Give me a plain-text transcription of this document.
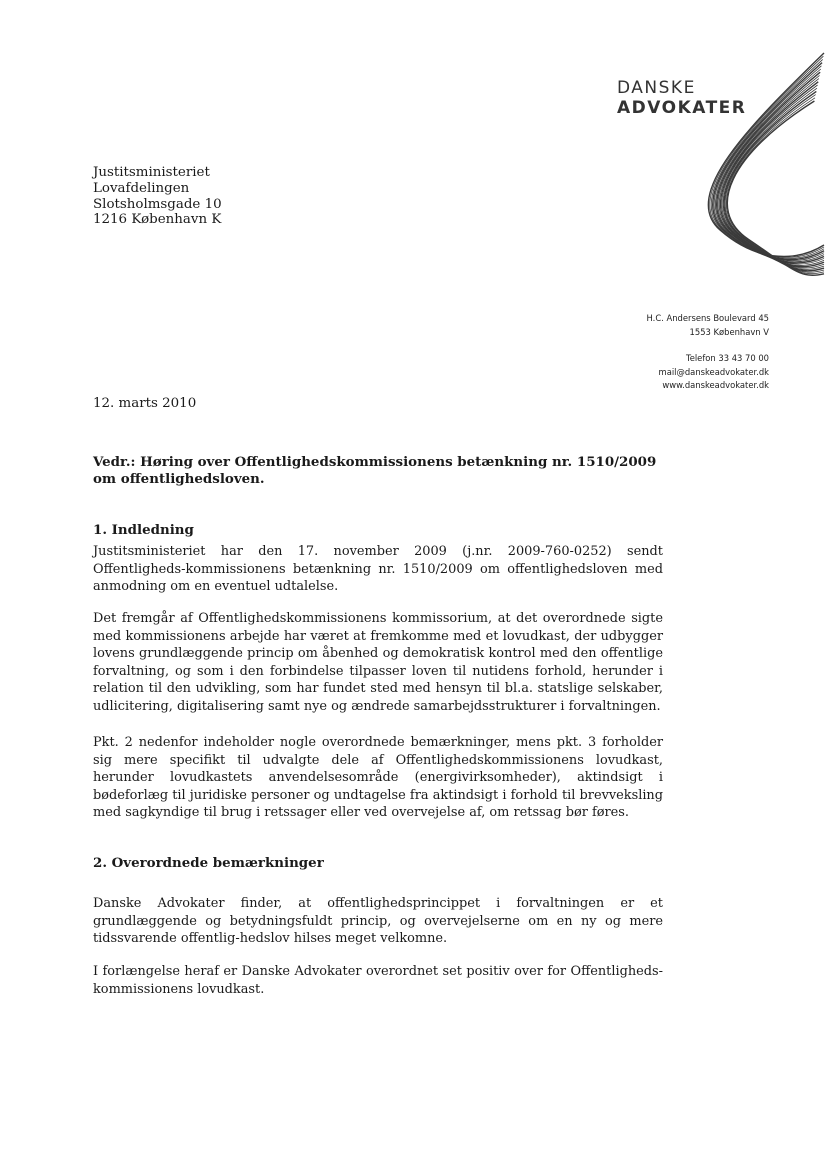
DANSKE
ADVOKATER
Justitsministeriet
Lovafdelingen
Slotsholmsgade 10
1216 København K
H.C. Andersens Boulevard 45
1553 København V
Telefon 33 43 70 00
mail@danskeadvokater.dk
www.danskeadvokater.dk
12. marts 2010
Vedr.: Høring over Offentlighedskommissionens betænkning nr. 1510/2009 om offentlighedsloven.
1. Indledning
Justitsministeriet har den 17. november 2009 (j.nr. 2009-760-0252) sendt Offentligheds-kommissionens betænkning nr. 1510/2009 om offentlighedsloven med anmodning om en eventuel udtalelse.
Det fremgår af Offentlighedskommissionens kommissorium, at det overordnede sigte med kommissionens arbejde har været at fremkomme med et lovudkast, der udbygger lovens grundlæggende princip om åbenhed og demokratisk kontrol med den offentlige forvaltning, og som i den forbindelse tilpasser loven til nutidens forhold, herunder i relation til den udvikling, som har fundet sted med hensyn til bl.a. statslige selskaber, udlicitering, digitalisering samt nye og ændrede samarbejdsstrukturer i forvaltningen.
Pkt. 2 nedenfor indeholder nogle overordnede bemærkninger, mens pkt. 3 forholder sig mere specifikt til udvalgte dele af Offentlighedskommissionens lovudkast, herunder lovudkastets anvendelsesområde (energivirksomheder), aktindsigt i bødeforlæg til juridiske personer og undtagelse fra aktindsigt i forhold til brevveksling med sagkyndige til brug i retssager eller ved overvejelse af, om retssag bør føres.
2. Overordnede bemærkninger
Danske Advokater finder, at offentlighedsprincippet i forvaltningen er et grundlæggende og betydningsfuldt princip, og overvejelserne om en ny og mere tidssvarende offentlig-hedslov hilses meget velkomne.
I forlængelse heraf er Danske Advokater overordnet set positiv over for Offentligheds-kommissionens lovudkast.
